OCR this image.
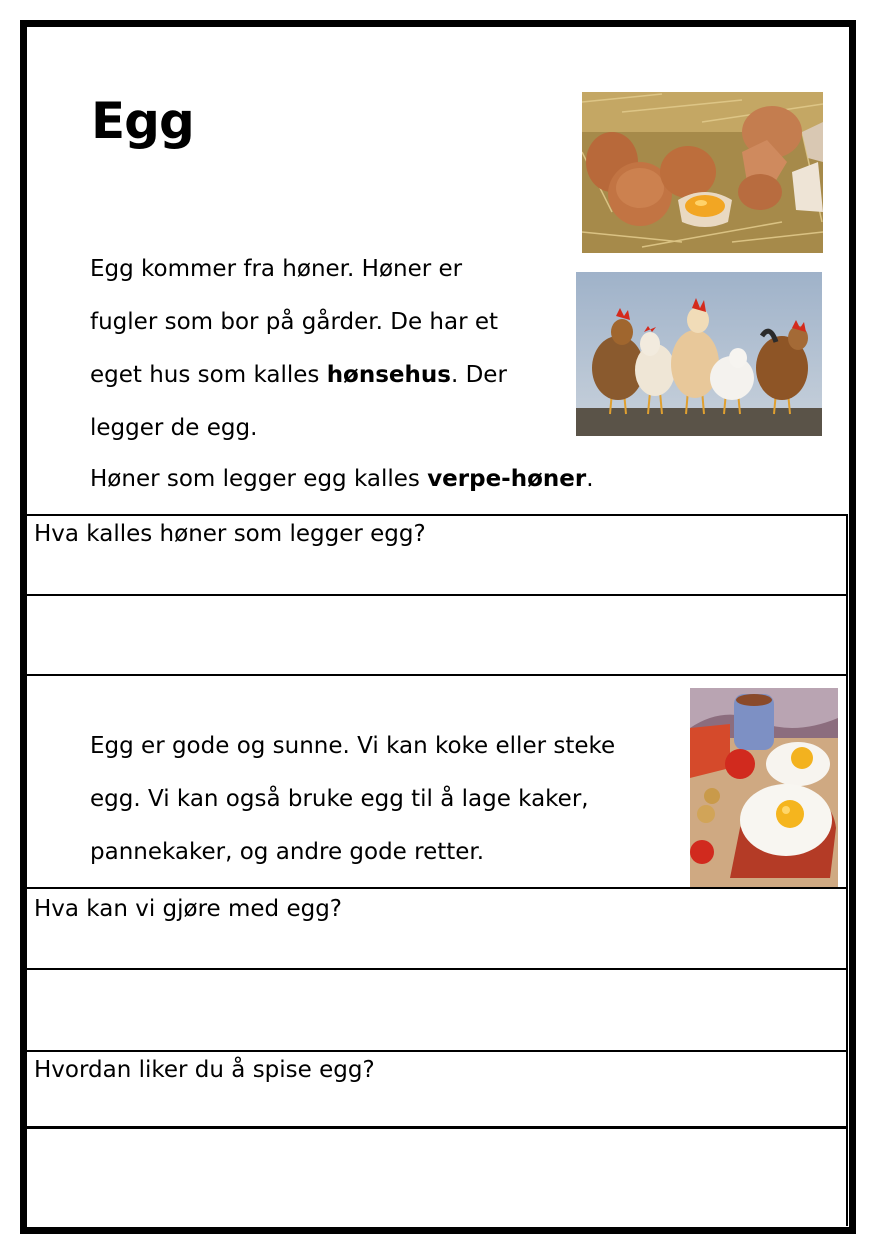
Egg
Egg kommer fra høner. Høner er
fugler som bor på gårder. De har et
eget hus som kalles hønsehus. Der
legger de egg.
Høner som legger egg kalles verpe-høner.
Hva kalles høner som legger egg?
Egg er gode og sunne. Vi kan koke eller steke
egg. Vi kan også bruke egg til å lage kaker,
pannekaker, og andre gode retter.
Hva kan vi gjøre med egg?
Hvordan liker du å spise egg?
